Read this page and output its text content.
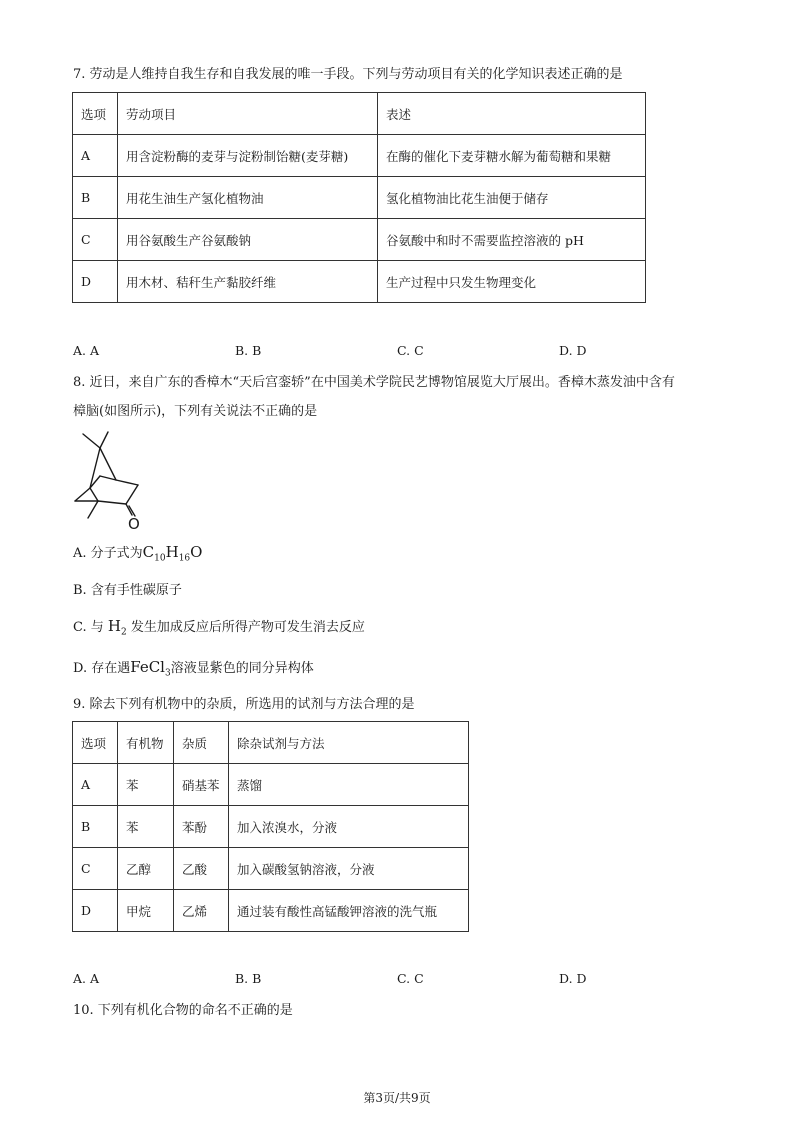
7. 劳动是人维持自我生存和自我发展的唯一手段。下列与劳动项目有关的化学知识表述正确的是
选项	劳动项目	表述
A	用含淀粉酶的麦芽与淀粉制饴糖(麦芽糖)	在酶的催化下麦芽糖水解为葡萄糖和果糖
B	用花生油生产氢化植物油	氢化植物油比花生油便于储存
C	用谷氨酸生产谷氨酸钠	谷氨酸中和时不需要监控溶液的 pH
D	用木材、秸秆生产黏胶纤维	生产过程中只发生物理变化
A. A	B. B	C. C	D. D
8. 近日，来自广东的香樟木“天后宫銮轿”在中国美术学院民艺博物馆展览大厅展出。香樟木蒸发油中含有
樟脑(如图所示)，下列有关说法不正确的是
O
A. 分子式为$C_{10}H_{16}O$
B. 含有手性碳原子
C. 与 $H_2$ 发生加成反应后所得产物可发生消去反应
D. 存在遇FeCl$_3$溶液显紫色的同分异构体
9. 除去下列有机物中的杂质，所选用的试剂与方法合理的是
选项	有机物	杂质	除杂试剂与方法
A	苯	硝基苯	蒸馏
B	苯	苯酚	加入浓溴水，分液
C	乙醇	乙酸	加入碳酸氢钠溶液，分液
D	甲烷	乙烯	通过装有酸性高锰酸钾溶液的洗气瓶
A. A	B. B	C. C	D. D
10. 下列有机化合物的命名不正确的是
第3页/共9页
